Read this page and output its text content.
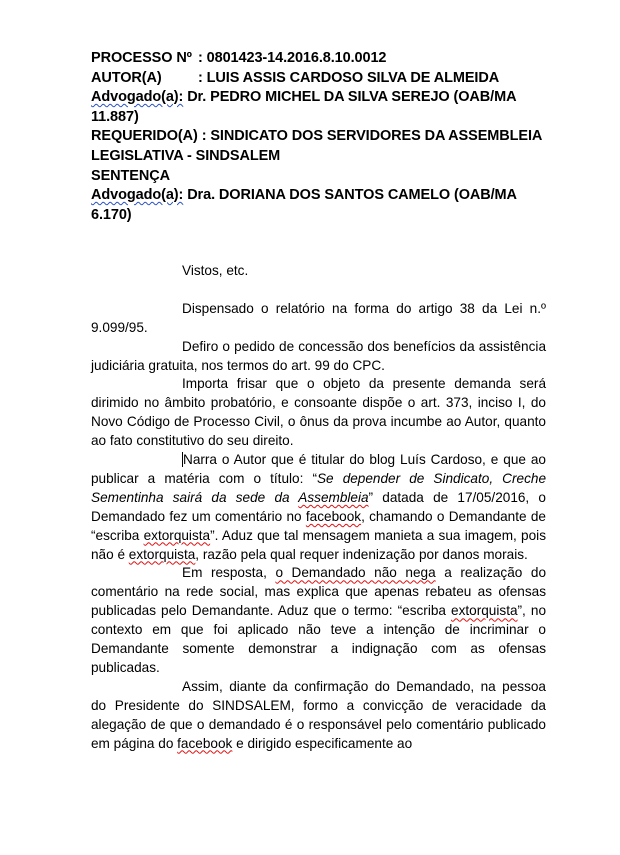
PROCESSO Nº : 0801423-14.2016.8.10.0012
AUTOR(A)	: LUIS ASSIS CARDOSO SILVA DE ALMEIDA
Advogado(a): Dr. PEDRO MICHEL DA SILVA SEREJO (OAB/MA 11.887)
REQUERIDO(A) : SINDICATO DOS SERVIDORES DA ASSEMBLEIA LEGISLATIVA - SINDSALEM
SENTENÇA
Advogado(a): Dra. DORIANA DOS SANTOS CAMELO (OAB/MA 6.170)

Vistos, etc.

Dispensado o relatório na forma do artigo 38 da Lei n.º 9.099/95.

Defiro o pedido de concessão dos benefícios da assistência judiciária gratuita, nos termos do art. 99 do CPC.

Importa frisar que o objeto da presente demanda será dirimido no âmbito probatório, e consoante dispõe o art. 373, inciso I, do Novo Código de Processo Civil, o ônus da prova incumbe ao Autor, quanto ao fato constitutivo do seu direito.

Narra o Autor que é titular do blog Luís Cardoso, e que ao publicar a matéria com o título: “Se depender de Sindicato, Creche Sementinha sairá da sede da Assembleia” datada de 17/05/2016, o Demandado fez um comentário no facebook, chamando o Demandante de “escriba extorquista”. Aduz que tal mensagem manieta a sua imagem, pois não é extorquista, razão pela qual requer indenização por danos morais.

Em resposta, o Demandado não nega a realização do comentário na rede social, mas explica que apenas rebateu as ofensas publicadas pelo Demandante. Aduz que o termo: “escriba extorquista”, no contexto em que foi aplicado não teve a intenção de incriminar o Demandante somente demonstrar a indignação com as ofensas publicadas.

Assim, diante da confirmação do Demandado, na pessoa do Presidente do SINDSALEM, formo a convicção de veracidade da alegação de que o demandado é o responsável pelo comentário publicado em página do facebook e dirigido especificamente ao
